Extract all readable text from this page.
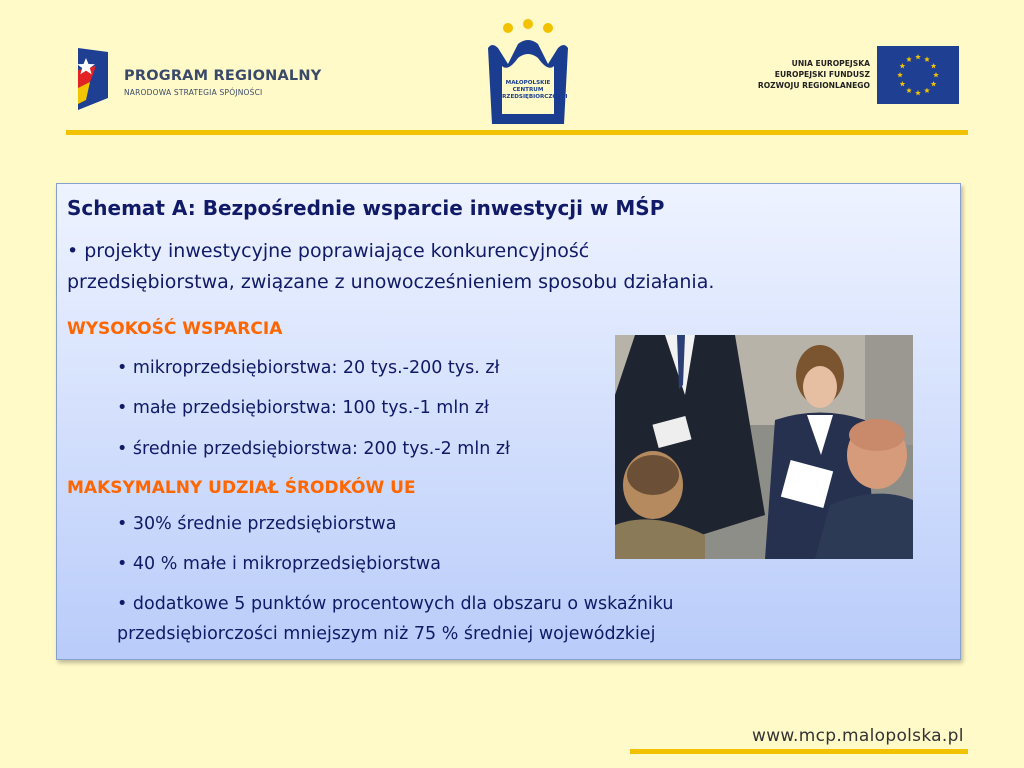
PROGRAM REGIONALNY
NARODOWA STRATEGIA SPÓJNOŚCI
MAŁOPOLSKIE
CENTRUM
PRZEDSIĘBIORCZOŚCI
UNIA EUROPEJSKA
EUROPEJSKI FUNDUSZ
ROZWOJU REGIONLANEGO
Schemat A: Bezpośrednie wsparcie inwestycji w MŚP
• projekty inwestycyjne poprawiające konkurencyjność
przedsiębiorstwa, związane z unowocześnieniem sposobu działania.
WYSOKOŚĆ WSPARCIA
• mikroprzedsiębiorstwa: 20 tys.-200 tys. zł
• małe przedsiębiorstwa: 100 tys.-1 mln zł
• średnie przedsiębiorstwa: 200 tys.-2 mln zł
MAKSYMALNY UDZIAŁ ŚRODKÓW UE
• 30% średnie przedsiębiorstwa
• 40 % małe i mikroprzedsiębiorstwa
• dodatkowe 5 punktów procentowych dla obszaru o wskaźniku
przedsiębiorczości mniejszym niż 75 % średniej wojewódzkiej
www.mcp.malopolska.pl
